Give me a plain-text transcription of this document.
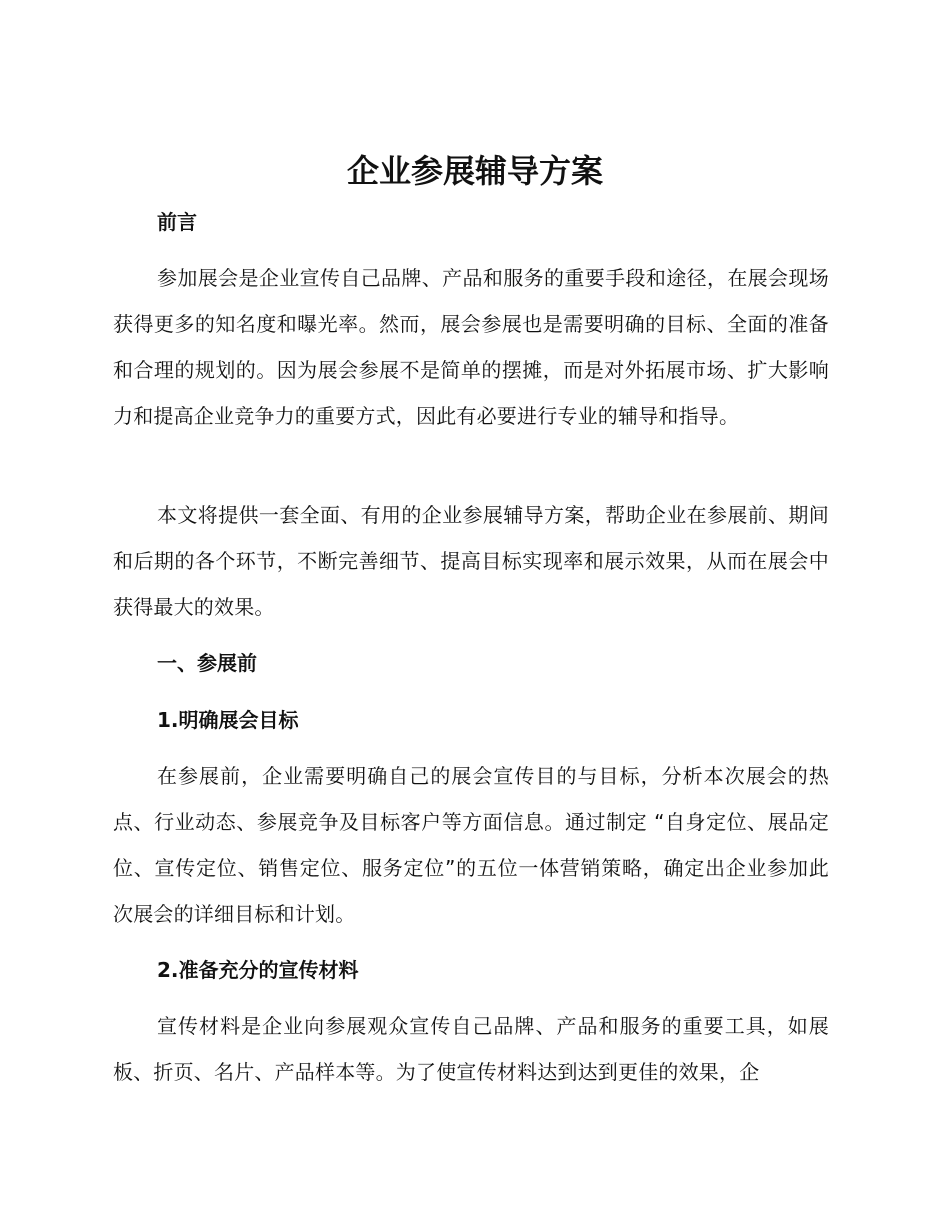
企业参展辅导方案
前言
参加展会是企业宣传自己品牌、产品和服务的重要手段和途径，在展会现场获得更多的知名度和曝光率。然而，展会参展也是需要明确的目标、全面的准备和合理的规划的。因为展会参展不是简单的摆摊，而是对外拓展市场、扩大影响力和提高企业竞争力的重要方式，因此有必要进行专业的辅导和指导。
本文将提供一套全面、有用的企业参展辅导方案，帮助企业在参展前、期间和后期的各个环节，不断完善细节、提高目标实现率和展示效果，从而在展会中获得最大的效果。
一、参展前
1.明确展会目标
在参展前，企业需要明确自己的展会宣传目的与目标，分析本次展会的热点、行业动态、参展竞争及目标客户等方面信息。通过制定 “自身定位、展品定位、宣传定位、销售定位、服务定位”的五位一体营销策略，确定出企业参加此次展会的详细目标和计划。
2.准备充分的宣传材料
宣传材料是企业向参展观众宣传自己品牌、产品和服务的重要工具，如展板、折页、名片、产品样本等。为了使宣传材料达到达到更佳的效果，企
